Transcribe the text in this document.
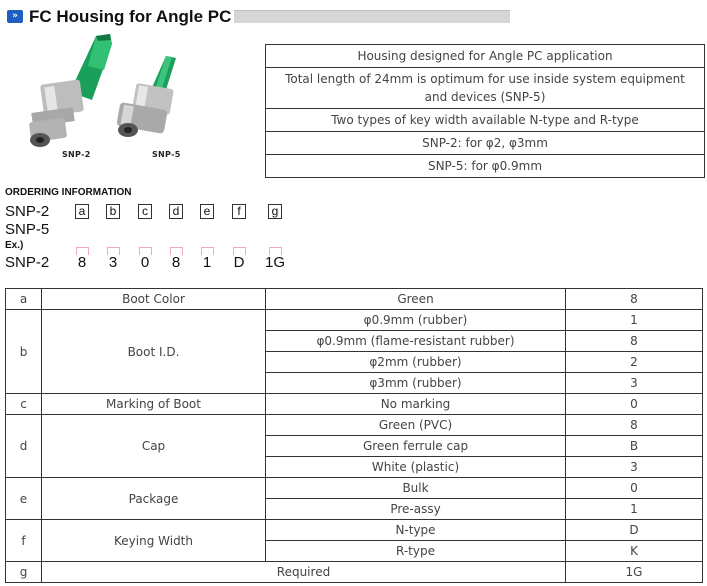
» FC Housing for Angle PC
SNP-2	SNP-5
Housing designed for Angle PC application
Total length of 24mm is optimum for use inside system equipment and devices (SNP-5)
Two types of key width available N-type and R-type
SNP-2: for φ2, φ3mm
SNP-5: for φ0.9mm
ORDERING INFORMATION
SNP-2
SNP-5
Ex.)
SNP-2
a	b	c	d	e	f	g
8	3	0	8	1	D	1G
a	Boot Color	Green	8
b	Boot I.D.	φ0.9mm (rubber)	1
		φ0.9mm (flame-resistant rubber)	8
		φ2mm (rubber)	2
		φ3mm (rubber)	3
c	Marking of Boot	No marking	0
d	Cap	Green (PVC)	8
		Green ferrule cap	B
		White (plastic)	3
e	Package	Bulk	0
		Pre-assy	1
f	Keying Width	N-type	D
		R-type	K
g	Required		1G
